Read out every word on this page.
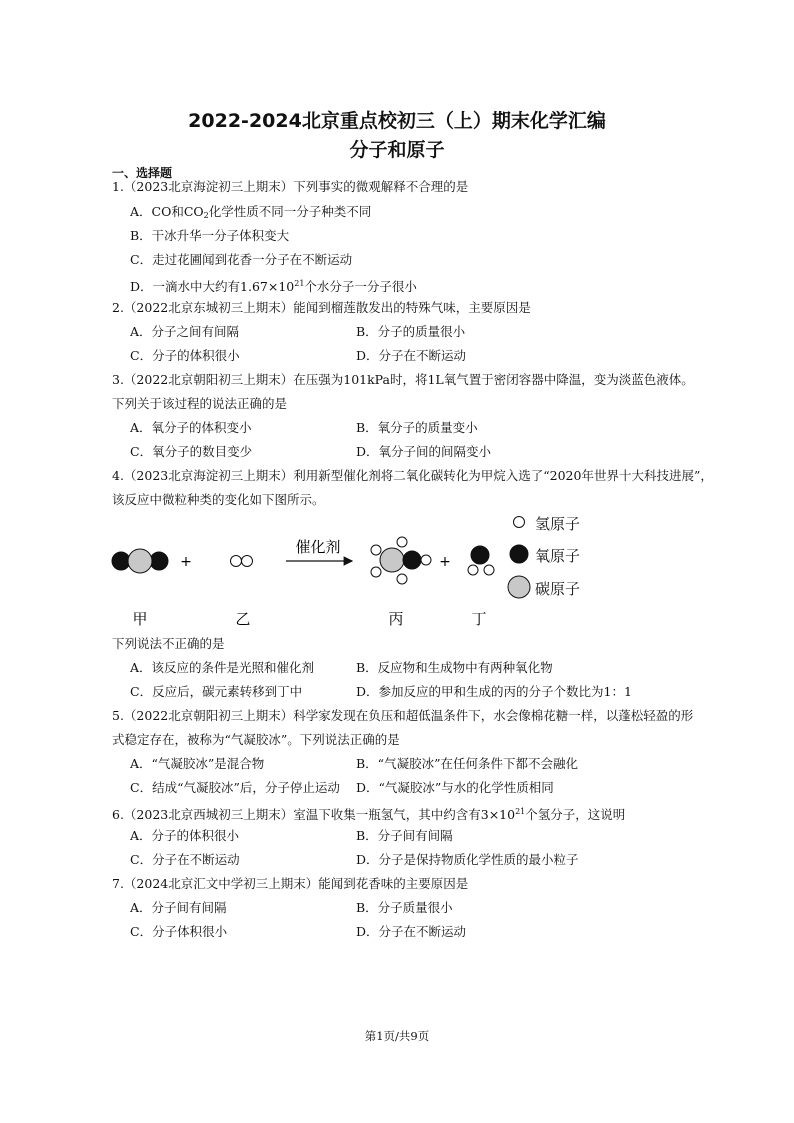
2022-2024北京重点校初三（上）期末化学汇编
分子和原子
一、选择题
1.（2023北京海淀初三上期末）下列事实的微观解释不合理的是
A．CO和$CO_2$化学性质不同一分子种类不同
B．干冰升华一分子体积变大
C．走过花圃闻到花香一分子在不断运动
D．一滴水中大约有$1.67\times 10^{21}$个水分子一分子很小
2.（2022北京东城初三上期末）能闻到榴莲散发出的特殊气味，主要原因是
A．分子之间有间隔	B．分子的质量很小
C．分子的体积很小	D．分子在不断运动
3.（2022北京朝阳初三上期末）在压强为101kPa时，将1L氧气置于密闭容器中降温，变为淡蓝色液体。
下列关于该过程的说法正确的是
A．氧分子的体积变小	B．氧分子的质量变小
C．氧分子的数目变少	D．氧分子间的间隔变小
4.（2023北京海淀初三上期末）利用新型催化剂将二氧化碳转化为甲烷入选了“2020年世界十大科技进展”，
该反应中微粒种类的变化如下图所示。
+
催化剂
+
甲	乙	丙	丁
氢原子
氧原子
碳原子
下列说法不正确的是
A．该反应的条件是光照和催化剂	B．反应物和生成物中有两种氧化物
C．反应后，碳元素转移到丁中	D．参加反应的甲和生成的丙的分子个数比为1：1
5.（2022北京朝阳初三上期末）科学家发现在负压和超低温条件下，水会像棉花糖一样，以蓬松轻盈的形
式稳定存在，被称为“气凝胶冰”。下列说法正确的是
A．“气凝胶冰”是混合物	B．“气凝胶冰”在任何条件下都不会融化
C．结成“气凝胶冰”后，分子停止运动 D．“气凝胶冰”与水的化学性质相同
6.（2023北京西城初三上期末）室温下收集一瓶氢气，其中约含有$3\times 10^{21}$个氢分子，这说明
A．分子的体积很小	B．分子间有间隔
C．分子在不断运动	D．分子是保持物质化学性质的最小粒子
7.（2024北京汇文中学初三上期末）能闻到花香味的主要原因是
A．分子间有间隔	B．分子质量很小
C．分子体积很小	D．分子在不断运动
第1页/共9页
